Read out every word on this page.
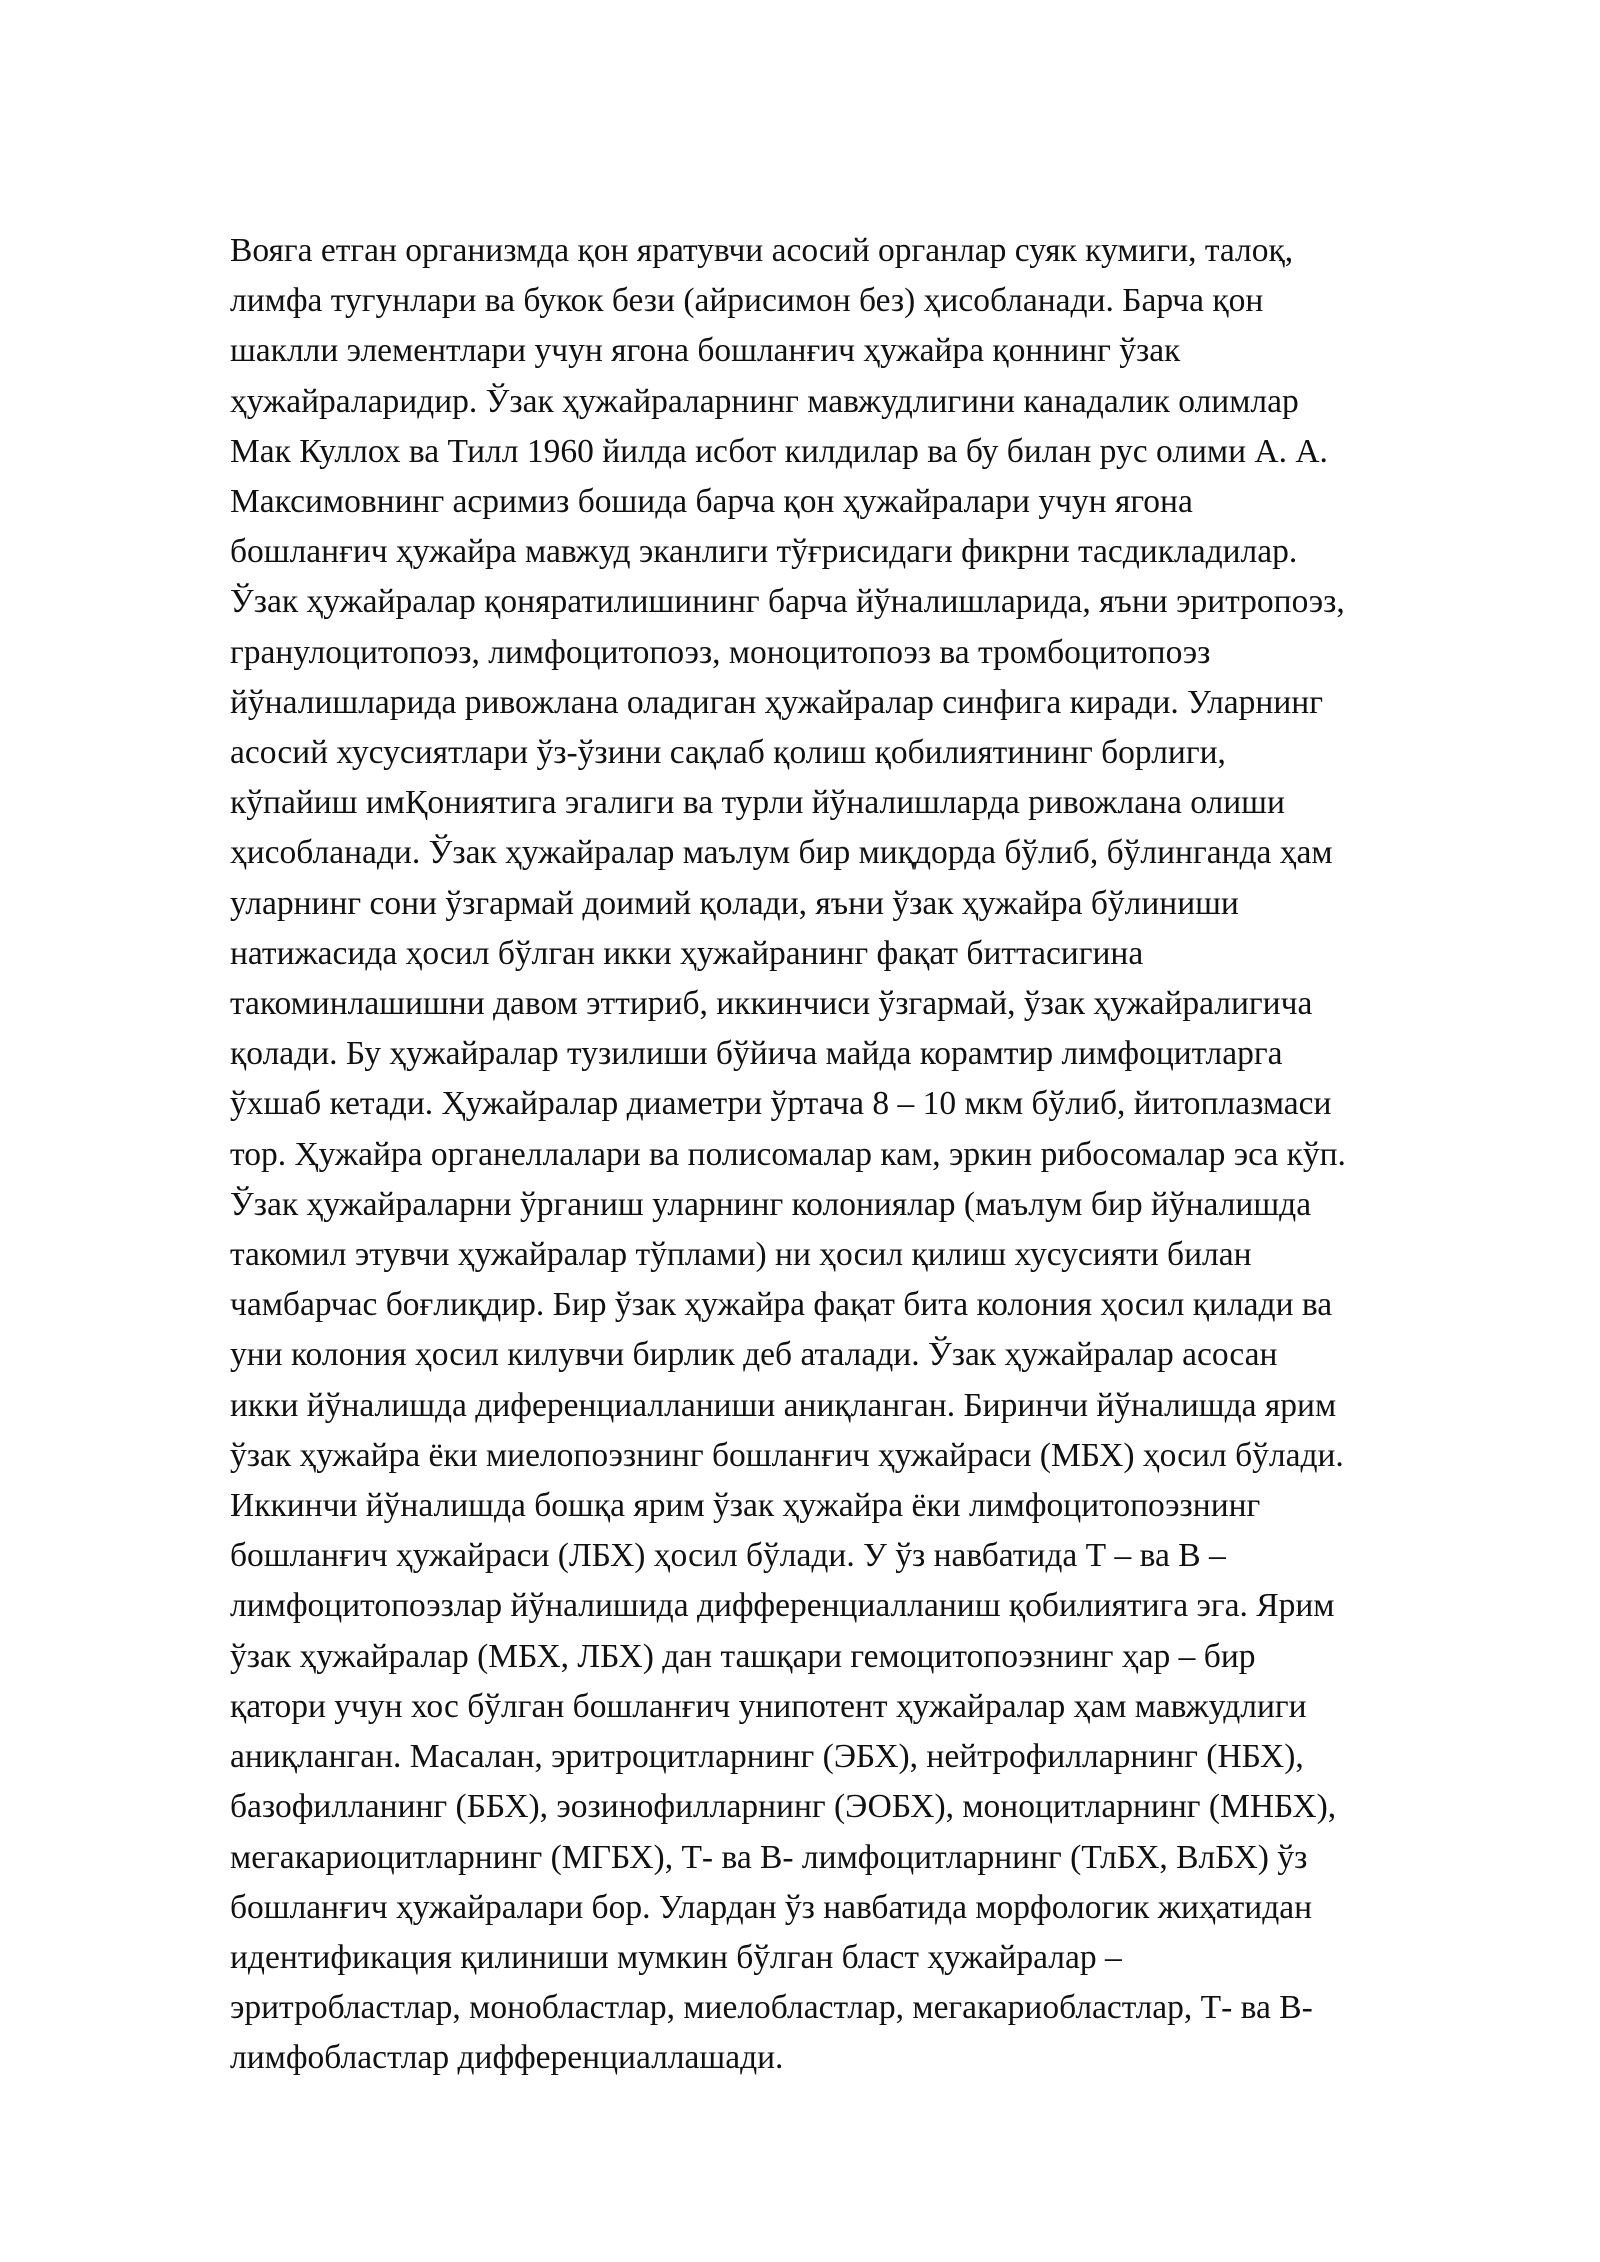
Вояга етган организмда қон яратувчи асосий органлар суяк кумиги, талоқ,
лимфа тугунлари ва букок бези (айрисимон без) ҳисобланади. Барча қон
шаклли элементлари учун ягона бошланғич ҳужайра қоннинг ўзак
ҳужайраларидир. Ўзак ҳужайраларнинг мавжудлигини канадалик олимлар
Мак Куллох ва Тилл 1960 йилда исбот килдилар ва бу билан рус олими А. А.
Максимовнинг асримиз бошида барча қон ҳужайралари учун ягона
бошланғич ҳужайра мавжуд эканлиги тўғрисидаги фикрни тасдикладилар.
Ўзак ҳужайралар қоняратилишининг барча йўналишларида, яъни эритропоэз,
гранулоцитопоэз, лимфоцитопоэз, моноцитопоэз ва тромбоцитопоэз
йўналишларида ривожлана оладиган ҳужайралар синфига киради. Уларнинг
асосий хусусиятлари ўз-ўзини сақлаб қолиш қобилиятининг борлиги,
кўпайиш имҚониятига эгалиги ва турли йўналишларда ривожлана олиши
ҳисобланади. Ўзак ҳужайралар маълум бир миқдорда бўлиб, бўлинганда ҳам
уларнинг сони ўзгармай доимий қолади, яъни ўзак ҳужайра бўлиниши
натижасида ҳосил бўлган икки ҳужайранинг фақат биттасигина
такоминлашишни давом эттириб, иккинчиси ўзгармай, ўзак ҳужайралигича
қолади. Бу ҳужайралар тузилиши бўйича майда корамтир лимфоцитларга
ўхшаб кетади. Ҳужайралар диаметри ўртача 8 – 10 мкм бўлиб, йитоплазмаси
тор. Ҳужайра органеллалари ва полисомалар кам, эркин рибосомалар эса кўп.
Ўзак ҳужайраларни ўрганиш уларнинг колониялар (маълум бир йўналишда
такомил этувчи ҳужайралар тўплами) ни ҳосил қилиш хусусияти билан
чамбарчас боғлиқдир. Бир ўзак ҳужайра фақат бита колония ҳосил қилади ва
уни колония ҳосил килувчи бирлик деб аталади. Ўзак ҳужайралар асосан
икки йўналишда диференциалланиши аниқланган. Биринчи йўналишда ярим
ўзак ҳужайра ёки миелопоэзнинг бошланғич ҳужайраси (МБХ) ҳосил бўлади.
Иккинчи йўналишда бошқа ярим ўзак ҳужайра ёки лимфоцитопоэзнинг
бошланғич ҳужайраси (ЛБХ) ҳосил бўлади. У ўз навбатида Т – ва В –
лимфоцитопоэзлар йўналишида дифференциалланиш қобилиятига эга. Ярим
ўзак ҳужайралар (МБХ, ЛБХ) дан ташқари гемоцитопоэзнинг ҳар – бир
қатори учун хос бўлган бошланғич унипотент ҳужайралар ҳам мавжудлиги
аниқланган. Масалан, эритроцитларнинг (ЭБХ), нейтрофилларнинг (НБХ),
базофилланинг (ББХ), эозинофилларнинг (ЭОБХ), моноцитларнинг (МНБХ),
мегакариоцитларнинг (МГБХ), Т- ва В- лимфоцитларнинг (ТлБХ, ВлБХ) ўз
бошланғич ҳужайралари бор. Улардан ўз навбатида морфологик жиҳатидан
идентификация қилиниши мумкин бўлган бласт ҳужайралар –
эритробластлар, монобластлар, миелобластлар, мегакариобластлар, Т- ва В-
лимфобластлар дифференциаллашади.
